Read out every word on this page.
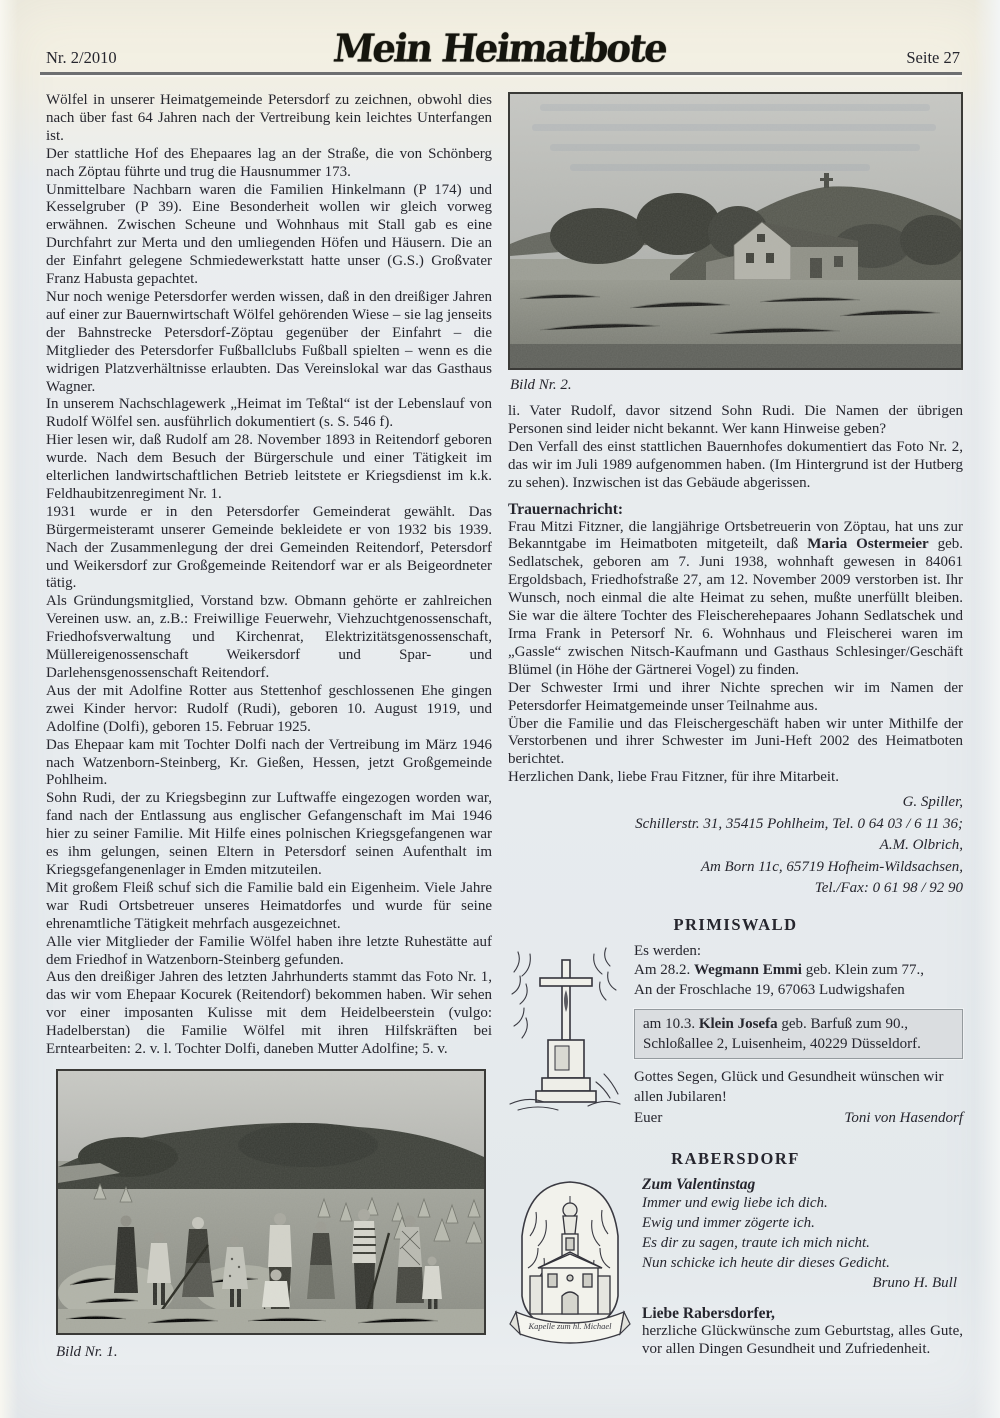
Nr. 2/2010	Mein Heimatbote	Seite 27

Wölfel in unserer Heimatgemeinde Petersdorf zu zeichnen, obwohl dies nach über fast 64 Jahren nach der Vertreibung kein leichtes Unterfangen ist.

Der stattliche Hof des Ehepaares lag an der Straße, die von Schönberg nach Zöptau führte und trug die Hausnummer 173.

Unmittelbare Nachbarn waren die Familien Hinkelmann (P 174) und Kesselgruber (P 39). Eine Besonderheit wollen wir gleich vorweg erwähnen. Zwischen Scheune und Wohnhaus mit Stall gab es eine Durchfahrt zur Merta und den umliegenden Höfen und Häusern. Die an der Einfahrt gelegene Schmiedewerkstatt hatte unser (G.S.) Großvater Franz Habusta gepachtet.

Nur noch wenige Petersdorfer werden wissen, daß in den dreißiger Jahren auf einer zur Bauernwirtschaft Wölfel gehörenden Wiese – sie lag jenseits der Bahnstrecke Petersdorf-Zöptau gegenüber der Einfahrt – die Mitglieder des Petersdorfer Fußballclubs Fußball spielten – wenn es die widrigen Platzverhältnisse erlaubten. Das Vereinslokal war das Gasthaus Wagner.

In unserem Nachschlagewerk „Heimat im Teßtal“ ist der Lebenslauf von Rudolf Wölfel sen. ausführlich dokumentiert (s. S. 546 f).

Hier lesen wir, daß Rudolf am 28. November 1893 in Reitendorf geboren wurde. Nach dem Besuch der Bürgerschule und einer Tätigkeit im elterlichen landwirtschaftlichen Betrieb leitstete er Kriegsdienst im k.k. Feldhaubitzenregiment Nr. 1.

1931 wurde er in den Petersdorfer Gemeinderat gewählt. Das Bürgermeisteramt unserer Gemeinde bekleidete er von 1932 bis 1939. Nach der Zusammenlegung der drei Gemeinden Reitendorf, Petersdorf und Weikersdorf zur Großgemeinde Reitendorf war er als Beigeordneter tätig.

Als Gründungsmitglied, Vorstand bzw. Obmann gehörte er zahlreichen Vereinen usw. an, z.B.: Freiwillige Feuerwehr, Viehzuchtgenossenschaft, Friedhofsverwaltung und Kirchenrat, Elektrizitätsgenossenschaft, Müllereigenossenschaft Weikersdorf und Spar- und Darlehensgenossenschaft Reitendorf.

Aus der mit Adolfine Rotter aus Stettenhof geschlossenen Ehe gingen zwei Kinder hervor: Rudolf (Rudi), geboren 10. August 1919, und Adolfine (Dolfi), geboren 15. Februar 1925.

Das Ehepaar kam mit Tochter Dolfi nach der Vertreibung im März 1946 nach Watzenborn-Steinberg, Kr. Gießen, Hessen, jetzt Großgemeinde Pohlheim.

Sohn Rudi, der zu Kriegsbeginn zur Luftwaffe eingezogen worden war, fand nach der Entlassung aus englischer Gefangenschaft im Mai 1946 hier zu seiner Familie. Mit Hilfe eines polnischen Kriegsgefangenen war es ihm gelungen, seinen Eltern in Petersdorf seinen Aufenthalt im Kriegsgefangenenlager in Emden mitzuteilen.

Mit großem Fleiß schuf sich die Familie bald ein Eigenheim. Viele Jahre war Rudi Ortsbetreuer unseres Heimatdorfes und wurde für seine ehrenamtliche Tätigkeit mehrfach ausgezeichnet.

Alle vier Mitglieder der Familie Wölfel haben ihre letzte Ruhestätte auf dem Friedhof in Watzenborn-Steinberg gefunden.

Aus den dreißiger Jahren des letzten Jahrhunderts stammt das Foto Nr. 1, das wir vom Ehepaar Kocurek (Reitendorf) bekommen haben. Wir sehen vor einer imposanten Kulisse mit dem Heidelbeerstein (vulgo: Hadelberstan) die Familie Wölfel mit ihren Hilfskräften bei Erntearbeiten: 2. v. l. Tochter Dolfi, daneben Mutter Adolfine; 5. v.

Bild Nr. 1.
Bild Nr. 2.

li. Vater Rudolf, davor sitzend Sohn Rudi. Die Namen der übrigen Personen sind leider nicht bekannt. Wer kann Hinweise geben?

Den Verfall des einst stattlichen Bauernhofes dokumentiert das Foto Nr. 2, das wir im Juli 1989 aufgenommen haben. (Im Hintergrund ist der Hutberg zu sehen). Inzwischen ist das Gebäude abgerissen.

Trauernachricht:

Frau Mitzi Fitzner, die langjährige Ortsbetreuerin von Zöptau, hat uns zur Bekanntgabe im Heimatboten mitgeteilt, daß Maria Ostermeier geb. Sedlatschek, geboren am 7. Juni 1938, wohnhaft gewesen in 84061 Ergoldsbach, Friedhofstraße 27, am 12. November 2009 verstorben ist. Ihr Wunsch, noch einmal die alte Heimat zu sehen, mußte unerfüllt bleiben. Sie war die ältere Tochter des Fleischerehepaares Johann Sedlatschek und Irma Frank in Petersorf Nr. 6. Wohnhaus und Fleischerei waren im „Gassle“ zwischen Nitsch-Kaufmann und Gasthaus Schlesinger/Geschäft Blümel (in Höhe der Gärtnerei Vogel) zu finden.

Der Schwester Irmi und ihrer Nichte sprechen wir im Namen der Petersdorfer Heimatgemeinde unser Teilnahme aus.

Über die Familie und das Fleischergeschäft haben wir unter Mithilfe der Verstorbenen und ihrer Schwester im Juni-Heft 2002 des Heimatboten berichtet.

Herzlichen Dank, liebe Frau Fitzner, für ihre Mitarbeit.

G. Spiller,
Schillerstr. 31, 35415 Pohlheim, Tel. 0 64 03 / 6 11 36;
A.M. Olbrich,
Am Born 11c, 65719 Hofheim-Wildsachsen,
Tel./Fax: 0 61 98 / 92 90
PRIMISWALD
Es werden:
Am 28.2. Wegmann Emmi geb. Klein zum 77.,
An der Froschlache 19, 67063 Ludwigshafen
am 10.3. Klein Josefa geb. Barfuß zum 90., Schloßallee 2, Luisenheim, 40229 Düsseldorf.
Gottes Segen, Glück und Gesundheit wünschen wir allen Jubilaren!
Euer	Toni von Hasendorf
RABERSDORF
Kapelle zum hl. Michael
Zum Valentinstag
Immer und ewig liebe ich dich.
Ewig und immer zögerte ich.
Es dir zu sagen, traute ich mich nicht.
Nun schicke ich heute dir dieses Gedicht.
Bruno H. Bull
Liebe Rabersdorfer,

herzliche Glückwünsche zum Geburtstag, alles Gute, vor allen Dingen Gesundheit und Zufriedenheit.
